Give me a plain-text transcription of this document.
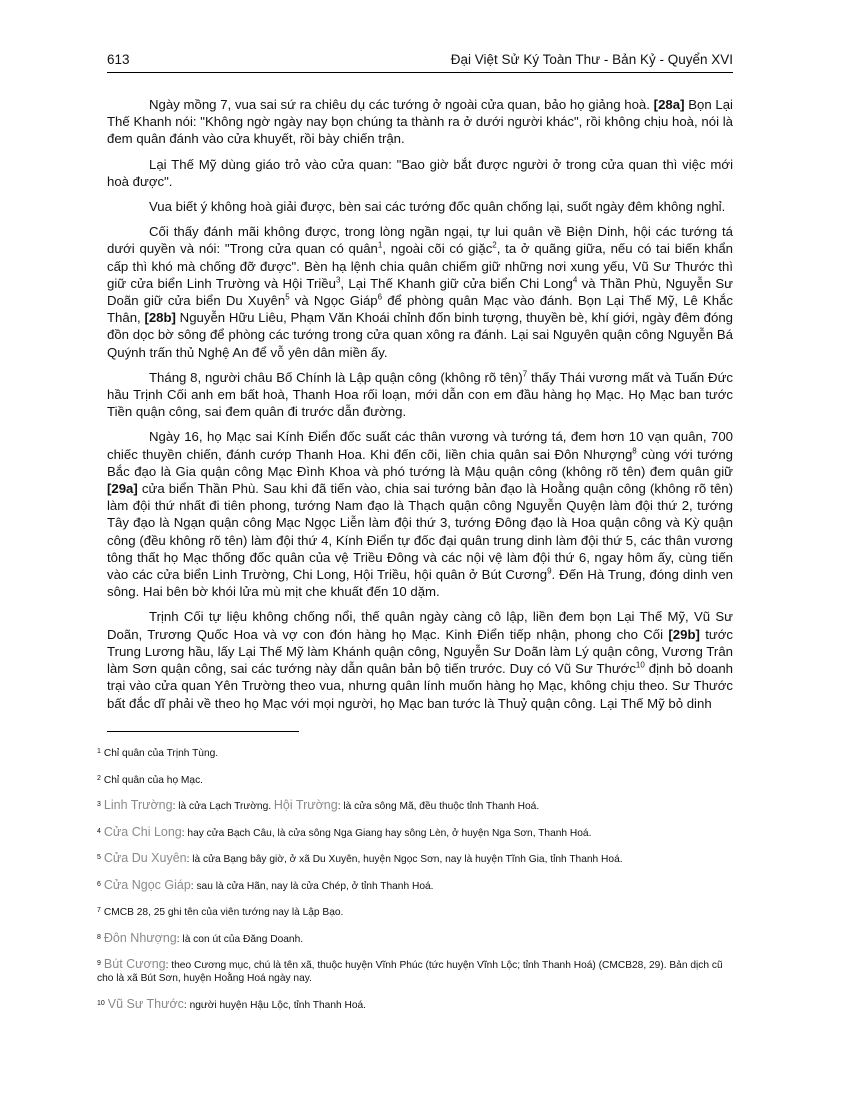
613	Đại Việt Sử Ký Toàn Thư - Bản Kỷ - Quyển XVI

Ngày mồng 7, vua sai sứ ra chiêu dụ các tướng ở ngoài cửa quan, bảo họ giảng hoà. [28a] Bọn Lại Thế Khanh nói: "Không ngờ ngày nay bọn chúng ta thành ra ở dưới người khác", rồi không chịu hoà, nói là đem quân đánh vào cửa khuyết, rồi bày chiến trận.

Lại Thế Mỹ dùng giáo trỏ vào cửa quan: "Bao giờ bắt được người ở trong cửa quan thì việc mới hoà được".

Vua biết ý không hoà giải được, bèn sai các tướng đốc quân chống lại, suốt ngày đêm không nghỉ.

Cối thấy đánh mãi không được, trong lòng ngần ngại, tự lui quân về Biện Dinh, hội các tướng tá dưới quyền và nói: "Trong cửa quan có quân$^1$, ngoài cõi có giặc$^2$, ta ở quãng giữa, nếu có tai biến khẩn cấp thì khó mà chống đỡ được". Bèn hạ lệnh chia quân chiếm giữ những nơi xung yếu, Vũ Sư Thước thì giữ cửa biển Linh Trường và Hội Triều$^3$, Lại Thế Khanh giữ cửa biển Chi Long$^4$ và Thần Phù, Nguyễn Sư Doãn giữ cửa biển Du Xuyên$^5$ và Ngọc Giáp$^6$ để phòng quân Mạc vào đánh. Bọn Lại Thế Mỹ, Lê Khắc Thân, [28b] Nguyễn Hữu Liêu, Phạm Văn Khoái chỉnh đốn binh tượng, thuyền bè, khí giới, ngày đêm đóng đồn dọc bờ sông để phòng các tướng trong cửa quan xông ra đánh. Lại sai Nguyên quận công Nguyễn Bá Quýnh trấn thủ Nghệ An để vỗ yên dân miền ấy.

Tháng 8, người châu Bố Chính là Lập quận công (không rõ tên)$^7$ thấy Thái vương mất và Tuấn Đức hầu Trịnh Cối anh em bất hoà, Thanh Hoa rối loạn, mới dẫn con em đầu hàng họ Mạc. Họ Mạc ban tước Tiền quận công, sai đem quân đi trước dẫn đường.

Ngày 16, họ Mạc sai Kính Điển đốc suất các thân vương và tướng tá, đem hơn 10 vạn quân, 700 chiếc thuyền chiến, đánh cướp Thanh Hoa. Khi đến cõi, liền chia quân sai Đôn Nhượng$^8$ cùng với tướng Bắc đạo là Gia quận công Mạc Đình Khoa và phó tướng là Mậu quận công (không rõ tên) đem quân giữ [29a] cửa biển Thần Phù. Sau khi đã tiến vào, chia sai tướng bản đạo là Hoằng quận công (không rõ tên) làm đội thứ nhất đi tiên phong, tướng Nam đạo là Thạch quận công Nguyễn Quyện làm đội thứ 2, tướng Tây đạo là Ngạn quận công Mạc Ngọc Liễn làm đội thứ 3, tướng Đông đạo là Hoa quận công và Kỳ quận công (đều không rõ tên) làm đội thứ 4, Kính Điển tự đốc đại quân trung dinh làm đội thứ 5, các thân vương tông thất họ Mạc thống đốc quân của vệ Triều Đông và các nội vệ làm đội thứ 6, ngay hôm ấy, cùng tiến vào các cửa biển Linh Trường, Chi Long, Hội Triều, hội quân ở Bút Cương$^9$. Đến Hà Trung, đóng dinh ven sông. Hai bên bờ khói lửa mù mịt che khuất đến 10 dặm.

Trịnh Cối tự liệu không chống nổi, thế quân ngày càng cô lập, liền đem bọn Lại Thế Mỹ, Vũ Sư Doãn, Trương Quốc Hoa và vợ con đón hàng họ Mạc. Kinh Điển tiếp nhận, phong cho Cối [29b] tước Trung Lương hầu, lấy Lại Thế Mỹ làm Khánh quận công, Nguyễn Sư Doãn làm Lý quận công, Vương Trân làm Sơn quận công, sai các tướng này dẫn quân bản bộ tiến trước. Duy có Vũ Sư Thước$^{10}$ định bỏ doanh trại vào cửa quan Yên Trường theo vua, nhưng quân lính muốn hàng họ Mạc, không chịu theo. Sư Thước bất đắc dĩ phải về theo họ Mạc với mọi người, họ Mạc ban tước là Thuỷ quận công. Lại Thế Mỹ bỏ dinh

$^1$ Chỉ quân của Trịnh Tùng.
$^2$ Chỉ quân của họ Mạc.
$^3$ Linh Trường: là cửa Lạch Trường. Hội Trường: là cửa sông Mã, đều thuộc tỉnh Thanh Hoá.
$^4$ Cửa Chi Long: hay cửa Bạch Câu, là cửa sông Nga Giang hay sông Lèn, ở huyện Nga Sơn, Thanh Hoá.
$^5$ Cửa Du Xuyên: là cửa Bạng bây giờ, ở xã Du Xuyên, huyện Ngọc Sơn, nay là huyện Tĩnh Gia, tỉnh Thanh Hoá.
$^6$ Cửa Ngọc Giáp: sau là cửa Hãn, nay là cửa Chép, ở tỉnh Thanh Hoá.
$^7$ CMCB 28, 25 ghi tên của viên tướng nay là Lập Bạo.
$^8$ Đôn Nhượng: là con út của Đăng Doanh.
$^9$ Bút Cương: theo Cương mục, chú là tên xã, thuộc huyện Vĩnh Phúc (tức huyện Vĩnh Lộc; tỉnh Thanh Hoá) (CMCB28, 29). Bản dịch cũ cho là xã Bút Sơn, huyện Hoằng Hoá ngày nay.
$^{10}$ Vũ Sư Thước: người huyện Hậu Lộc, tỉnh Thanh Hoá.
